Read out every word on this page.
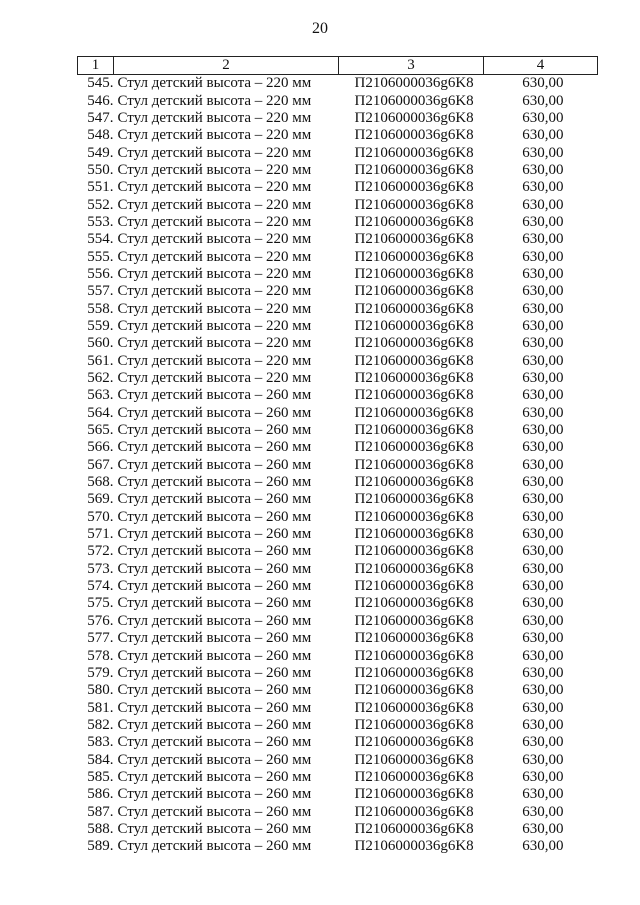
20
1	2	3	4
545.	Стул детский высота – 220 мм	П2106000036g6K8	630,00
546.	Стул детский высота – 220 мм	П2106000036g6K8	630,00
547.	Стул детский высота – 220 мм	П2106000036g6K8	630,00
548.	Стул детский высота – 220 мм	П2106000036g6K8	630,00
549.	Стул детский высота – 220 мм	П2106000036g6K8	630,00
550.	Стул детский высота – 220 мм	П2106000036g6K8	630,00
551.	Стул детский высота – 220 мм	П2106000036g6K8	630,00
552.	Стул детский высота – 220 мм	П2106000036g6K8	630,00
553.	Стул детский высота – 220 мм	П2106000036g6K8	630,00
554.	Стул детский высота – 220 мм	П2106000036g6K8	630,00
555.	Стул детский высота – 220 мм	П2106000036g6K8	630,00
556.	Стул детский высота – 220 мм	П2106000036g6K8	630,00
557.	Стул детский высота – 220 мм	П2106000036g6K8	630,00
558.	Стул детский высота – 220 мм	П2106000036g6K8	630,00
559.	Стул детский высота – 220 мм	П2106000036g6K8	630,00
560.	Стул детский высота – 220 мм	П2106000036g6K8	630,00
561.	Стул детский высота – 220 мм	П2106000036g6K8	630,00
562.	Стул детский высота – 220 мм	П2106000036g6K8	630,00
563.	Стул детский высота – 260 мм	П2106000036g6K8	630,00
564.	Стул детский высота – 260 мм	П2106000036g6K8	630,00
565.	Стул детский высота – 260 мм	П2106000036g6K8	630,00
566.	Стул детский высота – 260 мм	П2106000036g6K8	630,00
567.	Стул детский высота – 260 мм	П2106000036g6K8	630,00
568.	Стул детский высота – 260 мм	П2106000036g6K8	630,00
569.	Стул детский высота – 260 мм	П2106000036g6K8	630,00
570.	Стул детский высота – 260 мм	П2106000036g6K8	630,00
571.	Стул детский высота – 260 мм	П2106000036g6K8	630,00
572.	Стул детский высота – 260 мм	П2106000036g6K8	630,00
573.	Стул детский высота – 260 мм	П2106000036g6K8	630,00
574.	Стул детский высота – 260 мм	П2106000036g6K8	630,00
575.	Стул детский высота – 260 мм	П2106000036g6K8	630,00
576.	Стул детский высота – 260 мм	П2106000036g6K8	630,00
577.	Стул детский высота – 260 мм	П2106000036g6K8	630,00
578.	Стул детский высота – 260 мм	П2106000036g6K8	630,00
579.	Стул детский высота – 260 мм	П2106000036g6K8	630,00
580.	Стул детский высота – 260 мм	П2106000036g6K8	630,00
581.	Стул детский высота – 260 мм	П2106000036g6K8	630,00
582.	Стул детский высота – 260 мм	П2106000036g6K8	630,00
583.	Стул детский высота – 260 мм	П2106000036g6K8	630,00
584.	Стул детский высота – 260 мм	П2106000036g6K8	630,00
585.	Стул детский высота – 260 мм	П2106000036g6K8	630,00
586.	Стул детский высота – 260 мм	П2106000036g6K8	630,00
587.	Стул детский высота – 260 мм	П2106000036g6K8	630,00
588.	Стул детский высота – 260 мм	П2106000036g6K8	630,00
589.	Стул детский высота – 260 мм	П2106000036g6K8	630,00
